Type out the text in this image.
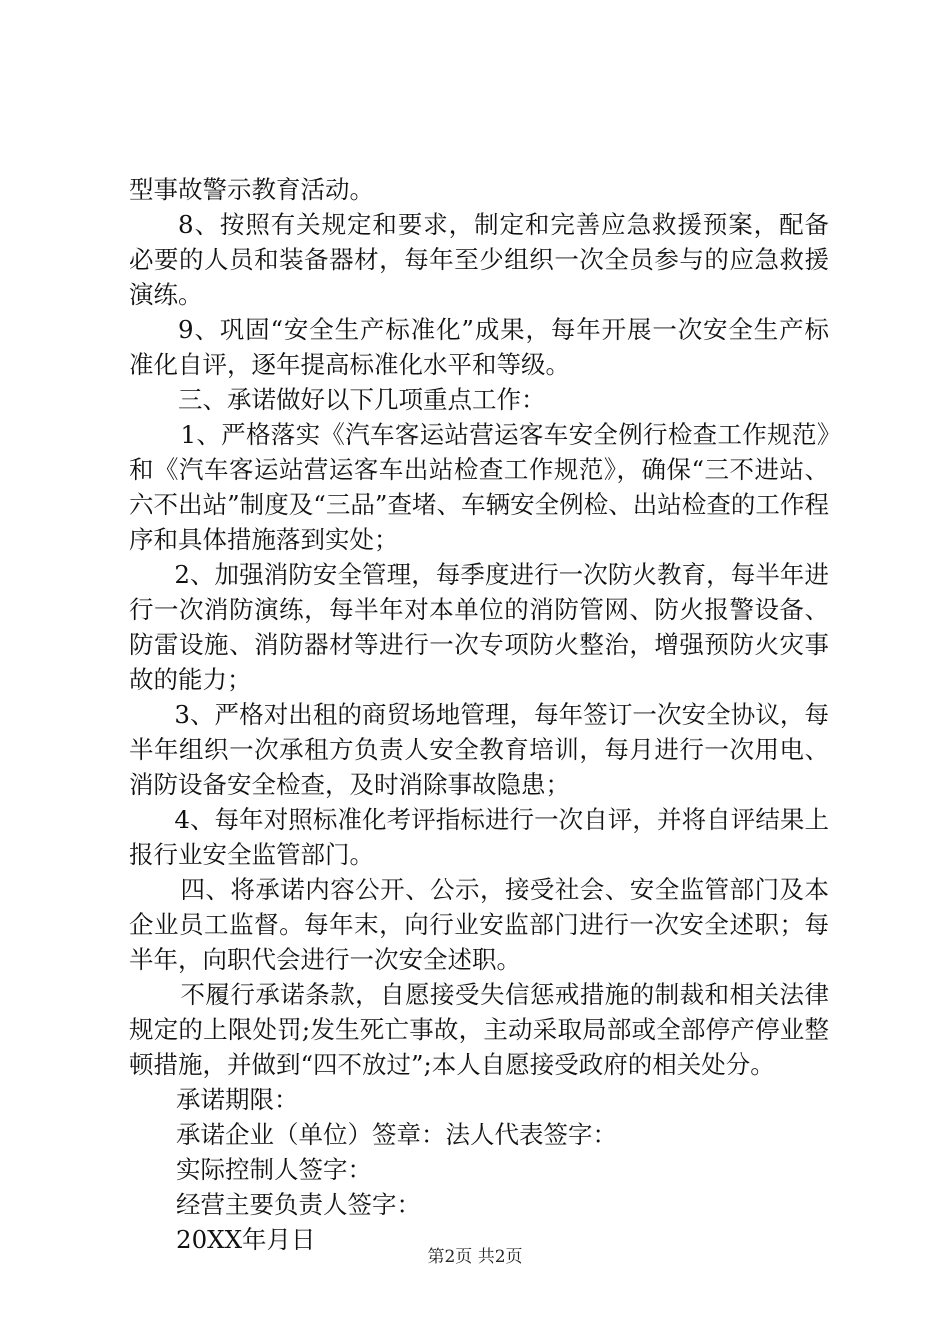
型事故警示教育活动。

8、按照有关规定和要求，制定和完善应急救援预案，配备必要的人员和装备器材，每年至少组织一次全员参与的应急救援演练。

9、巩固“安全生产标准化”成果，每年开展一次安全生产标准化自评，逐年提高标准化水平和等级。

三、承诺做好以下几项重点工作：

1、严格落实《汽车客运站营运客车安全例行检查工作规范》和《汽车客运站营运客车出站检查工作规范》，确保“三不进站、六不出站”制度及“三品”查堵、车辆安全例检、出站检查的工作程序和具体措施落到实处；

2、加强消防安全管理，每季度进行一次防火教育，每半年进行一次消防演练，每半年对本单位的消防管网、防火报警设备、防雷设施、消防器材等进行一次专项防火整治，增强预防火灾事故的能力；

3、严格对出租的商贸场地管理，每年签订一次安全协议，每半年组织一次承租方负责人安全教育培训，每月进行一次用电、消防设备安全检查，及时消除事故隐患；

4、每年对照标准化考评指标进行一次自评，并将自评结果上报行业安全监管部门。

四、将承诺内容公开、公示，接受社会、安全监管部门及本企业员工监督。每年末，向行业安监部门进行一次安全述职；每半年，向职代会进行一次安全述职。

不履行承诺条款，自愿接受失信惩戒措施的制裁和相关法律规定的上限处罚;发生死亡事故，主动采取局部或全部停产停业整顿措施，并做到“四不放过”;本人自愿接受政府的相关处分。

承诺期限：

承诺企业（单位）签章：法人代表签字：

实际控制人签字：

经营主要负责人签字：

20XX年月日

第2页 共2页
